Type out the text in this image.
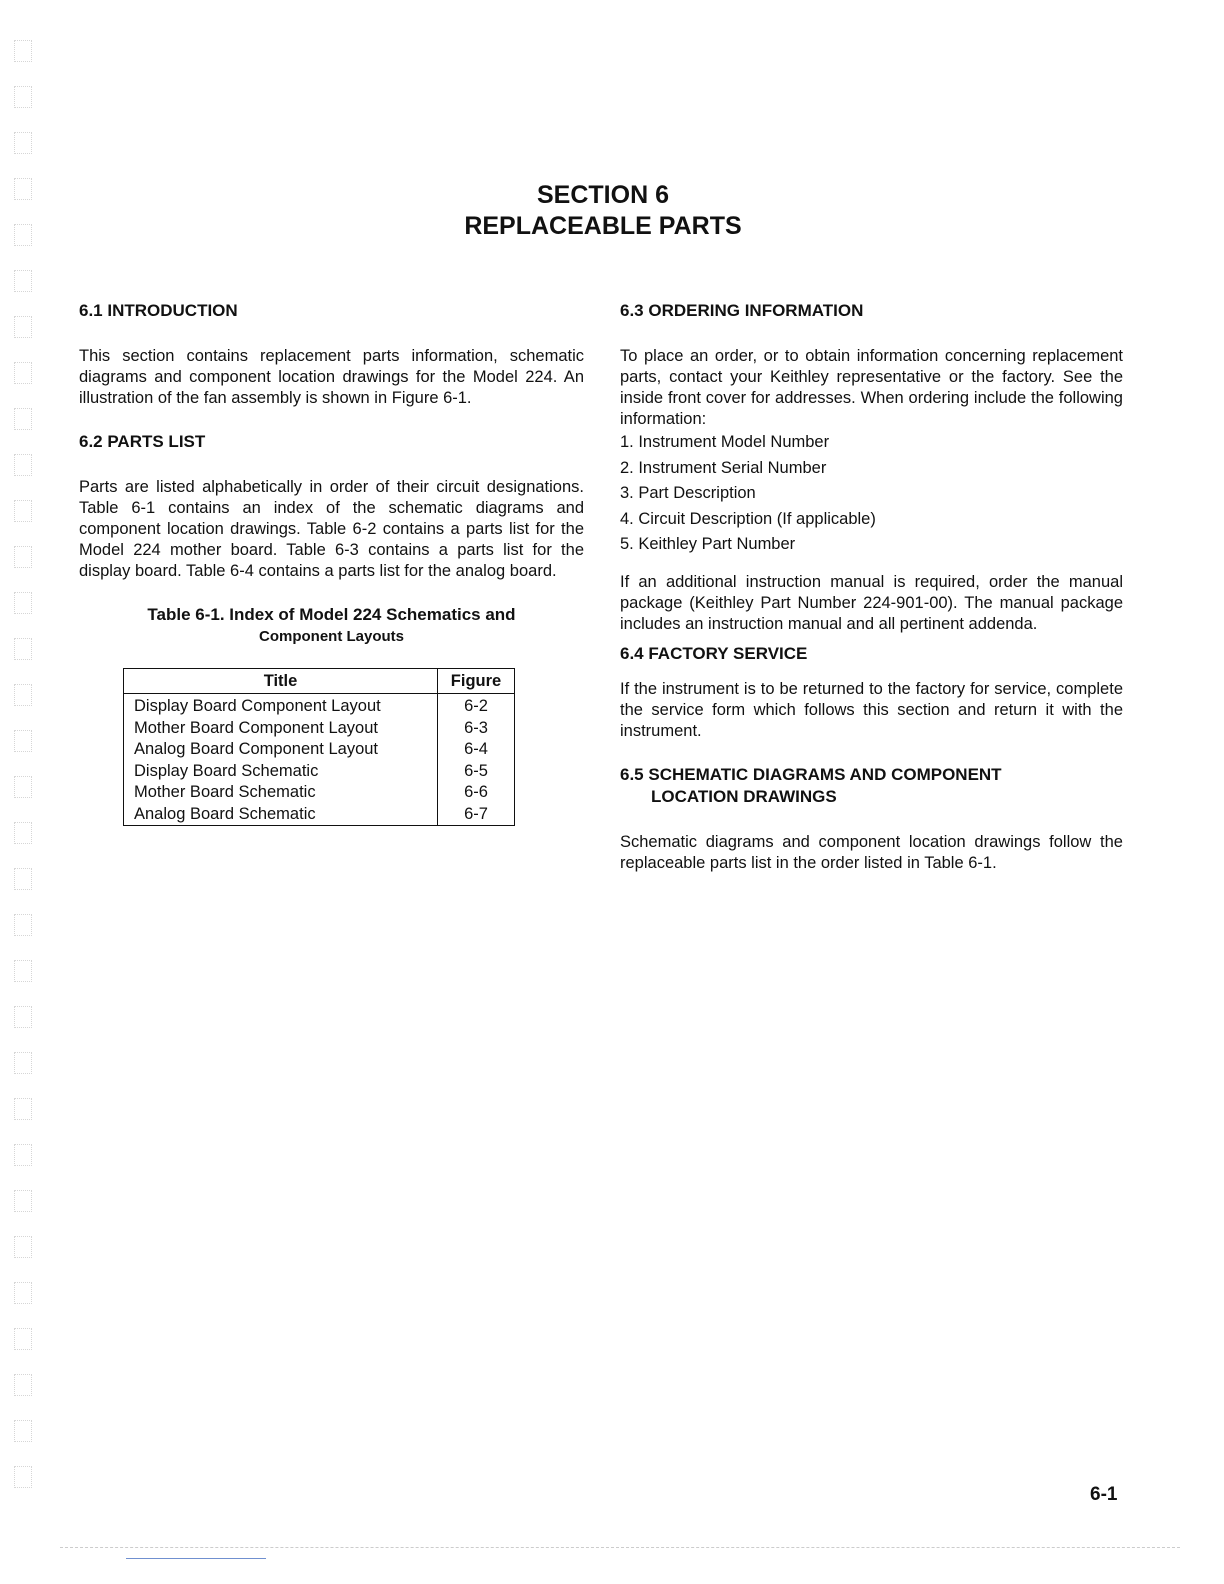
SECTION 6
REPLACEABLE PARTS
6.1 INTRODUCTION

This section contains replacement parts information, schematic diagrams and component location drawings for the Model 224. An illustration of the fan assembly is shown in Figure 6-1.

6.2 PARTS LIST

Parts are listed alphabetically in order of their circuit designations. Table 6-1 contains an index of the schematic diagrams and component location drawings. Table 6-2 contains a parts list for the Model 224 mother board. Table 6-3 contains a parts list for the display board. Table 6-4 contains a parts list for the analog board.

Table 6-1. Index of Model 224 Schematics and
Component Layouts
Title	Figure
Display Board Component Layout	6-2
Mother Board Component Layout	6-3
Analog Board Component Layout	6-4
Display Board Schematic	6-5
Mother Board Schematic	6-6
Analog Board Schematic	6-7
6.3 ORDERING INFORMATION

To place an order, or to obtain information concerning replacement parts, contact your Keithley representative or the factory. See the inside front cover for addresses. When ordering include the following information:

1. Instrument Model Number
2. Instrument Serial Number
3. Part Description
4. Circuit Description (If applicable)
5. Keithley Part Number

If an additional instruction manual is required, order the manual package (Keithley Part Number 224-901-00). The manual package includes an instruction manual and all pertinent addenda.

6.4 FACTORY SERVICE

If the instrument is to be returned to the factory for service, complete the service form which follows this section and return it with the instrument.

6.5 SCHEMATIC DIAGRAMS AND COMPONENT
LOCATION DRAWINGS

Schematic diagrams and component location drawings follow the replaceable parts list in the order listed in Table 6-1.

6-1
